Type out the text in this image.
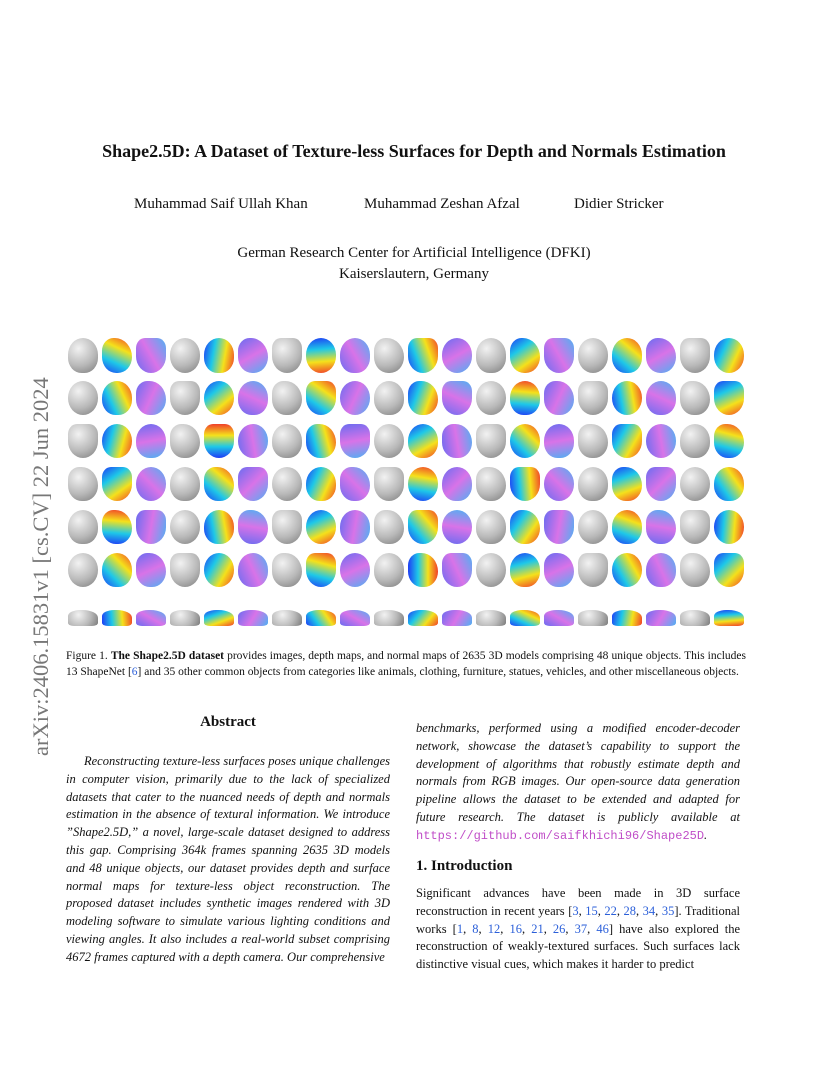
arXiv:2406.15831v1 [cs.CV] 22 Jun 2024
Shape2.5D: A Dataset of Texture-less Surfaces for Depth and Normals Estimation
Muhammad Saif Ullah Khan	Muhammad Zeshan Afzal	Didier Stricker
German Research Center for Artificial Intelligence (DFKI)
Kaiserslautern, Germany
Figure 1. The Shape2.5D dataset provides images, depth maps, and normal maps of 2635 3D models comprising 48 unique objects. This includes 13 ShapeNet [6] and 35 other common objects from categories like animals, clothing, furniture, statues, vehicles, and other miscellaneous objects.
Abstract
Reconstructing texture-less surfaces poses unique challenges in computer vision, primarily due to the lack of specialized datasets that cater to the nuanced needs of depth and normals estimation in the absence of textural information. We introduce ”Shape2.5D,” a novel, large-scale dataset designed to address this gap. Comprising 364k frames spanning 2635 3D models and 48 unique objects, our dataset provides depth and surface normal maps for texture-less object reconstruction. The proposed dataset includes synthetic images rendered with 3D modeling software to simulate various lighting conditions and viewing angles. It also includes a real-world subset comprising 4672 frames captured with a depth camera. Our comprehensive
benchmarks, performed using a modified encoder-decoder network, showcase the dataset’s capability to support the development of algorithms that robustly estimate depth and normals from RGB images. Our open-source data generation pipeline allows the dataset to be extended and adapted for future research. The dataset is publicly available at https://github.com/saifkhichi96/Shape25D.
1. Introduction
Significant advances have been made in 3D surface reconstruction in recent years [3, 15, 22, 28, 34, 35]. Traditional works [1, 8, 12, 16, 21, 26, 37, 46] have also explored the reconstruction of weakly-textured surfaces. Such surfaces lack distinctive visual cues, which makes it harder to predict
